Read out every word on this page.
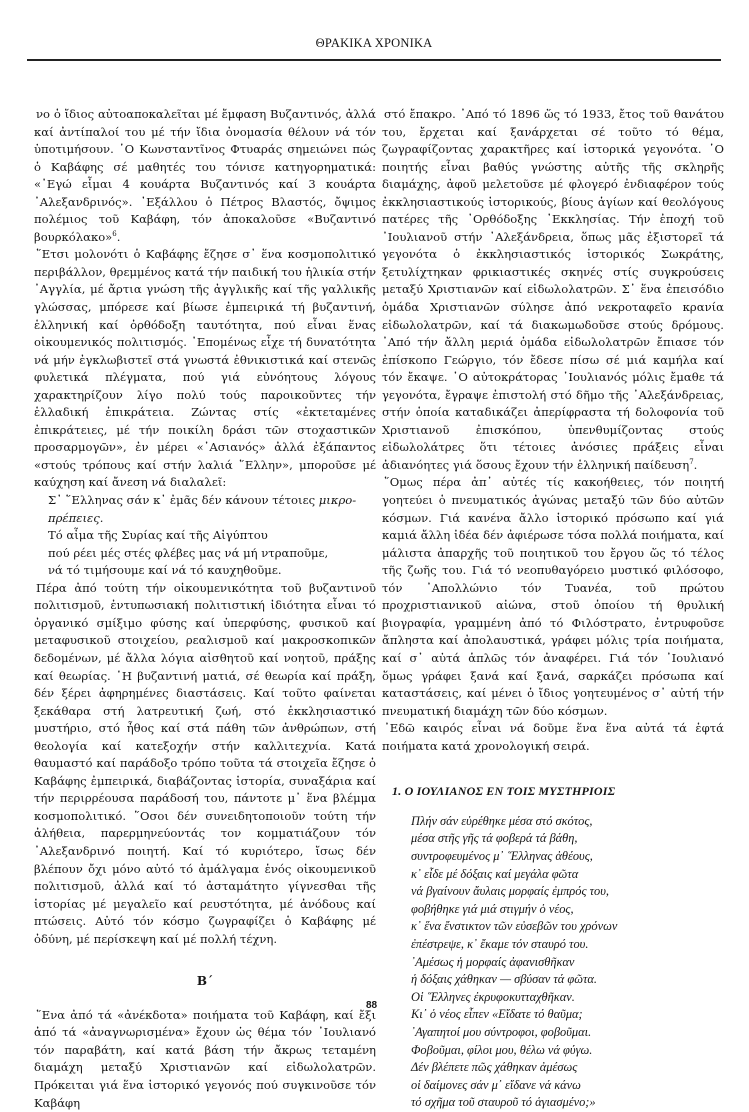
ΘΡΑΚΙΚΑ ΧΡΟΝΙΚΑ

νο ὁ ἴδιος αὐτοαποκαλεῖται μέ ἔμφαση Βυζαντινός, ἀλλά καί ἀντίπαλοί του μέ τήν ἴδια ὀνομασία θέλουν νά τόν ὑποτιμήσουν. ῾Ο Κωνσταντῖνος Φτυαράς σημειώνει πώς ὁ Καβάφης σέ μαθητές του τόνισε κατηγορηματικά: «᾿Εγώ εἶμαι 4 κουάρτα Βυζαντινός καί 3 κουάρτα ᾿Αλεξανδρινός». ᾿Εξάλλου ὁ Πέτρος Βλαστός, ὄψιμος πολέμιος τοῦ Καβάφη, τόν ἀποκαλοῦσε «Βυζαντινό βουρκόλακο»$^6$.

῞Ετσι μολονότι ὁ Καβάφης ἔζησε σ᾿ ἕνα κοσμοπολιτικό περιβάλλον, θρεμμένος κατά τήν παιδική του ἡλικία στήν ᾿Αγγλία, μέ ἄρτια γνώση τῆς ἀγγλικῆς καί τῆς γαλλικῆς γλώσσας, μπόρεσε καί βίωσε ἐμπειρικά τή βυζαντινή, ἑλληνική καί ὀρθόδοξη ταυτότητα, πού εἶναι ἕνας οἰκουμενικός πολιτισμός. ᾿Επομένως εἶχε τή δυνατότητα νά μήν ἐγκλωβιστεῖ στά γνωστά ἐθνικιστικά καί στενῶς φυλετικά πλέγματα, πού γιά εὐνόητους λόγους χαρακτηρίζουν λίγο πολύ τούς παροικοῦντες τήν ἑλλαδική ἐπικράτεια. Ζώντας στίς «ἐκτεταμένες ἐπικράτειες, μέ τήν ποικίλη δράσι τῶν στοχαστικῶν προσαρμογῶν», ἐν μέρει «᾿Ασιανός» ἀλλά ἐξάπαντος «στούς τρόπους καί στήν λαλιά ῞Ελλην», μποροῦσε μέ καύχηση καί ἄνεση νά διαλαλεῖ:

Σ᾿ ῞Ελληνας σάν κ᾿ ἐμᾶς δέν κάνουν τέτοιες μικρο-
πρέπειες.
Τό αἷμα τῆς Συρίας καί τῆς Αἰγύπτου
πού ρέει μές στές φλέβες μας νά μή ντραποῦμε,
νά τό τιμήσουμε καί νά τό καυχηθοῦμε.

Πέρα ἀπό τούτη τήν οἰκουμενικότητα τοῦ βυζαντινοῦ πολιτισμοῦ, ἐντυπωσιακή πολιτιστική ἰδιότητα εἶναι τό ὀργανικό σμίξιμο φύσης καί ὑπερφύσης, φυσικοῦ καί μεταφυσικοῦ στοιχείου, ρεαλισμοῦ καί μακροσκοπικῶν δεδομένων, μέ ἄλλα λόγια αἰσθητοῦ καί νοητοῦ, πράξης καί θεωρίας. ῾Η βυζαντινή ματιά, σέ θεωρία καί πράξη, δέν ξέρει ἀφηρημένες διαστάσεις. Καί τοῦτο φαίνεται ξεκάθαρα στή λατρευτική ζωή, στό ἐκκλησιαστικό μυστήριο, στό ἦθος καί στά πάθη τῶν ἀνθρώπων, στή θεολογία καί κατεξοχήν στήν καλλιτεχνία. Κατά θαυμαστό καί παράδοξο τρόπο τοῦτα τά στοιχεῖα ἔζησε ὁ Καβάφης ἐμπειρικά, διαβάζοντας ἱστορία, συναξάρια καί τήν περιρρέουσα παράδοσή του, πάντοτε μ᾿ ἕνα βλέμμα κοσμοπολιτικό. ῞Οσοι δέν συνειδητοποιοῦν τούτη τήν ἀλήθεια, παρερμηνεύοντάς τον κομματιάζουν τόν ᾿Αλεξανδρινό ποιητή. Καί τό κυριότερο, ἴσως δέν βλέπουν ὄχι μόνο αὐτό τό ἀμάλγαμα ἑνός οἰκουμενικοῦ πολιτισμοῦ, ἀλλά καί τό ἀσταμάτητο γίγνεσθαι τῆς ἱστορίας μέ μεγαλεῖο καί ρευστότητα, μέ ἀνόδους καί πτώσεις. Αὐτό τόν κόσμο ζωγραφίζει ὁ Καβάφης μέ ὀδύνη, μέ περίσκεψη καί μέ πολλή τέχνη.

Β΄

῞Ενα ἀπό τά «ἀνέκδοτα» ποιήματα τοῦ Καβάφη, καί ἔξι ἀπό τά «ἀναγνωρισμένα» ἔχουν ὡς θέμα τόν ᾿Ιουλιανό τόν παραβάτη, καί κατά βάση τήν ἄκρως τεταμένη διαμάχη μεταξύ Χριστιανῶν καί εἰδωλολατρῶν. Πρόκειται γιά ἕνα ἱστορικό γεγονός πού συγκινοῦσε τόν Καβάφη

στό ἔπακρο. ᾿Από τό 1896 ὥς τό 1933, ἔτος τοῦ θανάτου του, ἔρχεται καί ξανάρχεται σέ τοῦτο τό θέμα, ζωγραφίζοντας χαρακτῆρες καί ἱστορικά γεγονότα. ῾Ο ποιητής εἶναι βαθύς γνώστης αὐτῆς τῆς σκληρῆς διαμάχης, ἀφοῦ μελετοῦσε μέ φλογερό ἐνδιαφέρον τούς ἐκκλησιαστικούς ἱστορικούς, βίους ἁγίων καί θεολόγους πατέρες τῆς ᾿Ορθόδοξης ᾿Εκκλησίας. Τήν ἐποχή τοῦ ᾿Ιουλιανοῦ στήν ᾿Αλεξάνδρεια, ὅπως μᾶς ἐξιστορεῖ τά γεγονότα ὁ ἐκκλησιαστικός ἱστορικός Σωκράτης, ξετυλίχτηκαν φρικιαστικές σκηνές στίς συγκρούσεις μεταξύ Χριστιανῶν καί εἰδωλολατρῶν. Σ᾿ ἕνα ἐπεισόδιο ὁμάδα Χριστιανῶν σύλησε ἀπό νεκροταφεῖο κρανία εἰδωλολατρῶν, καί τά διακωμωδοῦσε στούς δρόμους. ᾿Από τήν ἄλλη μεριά ὁμάδα εἰδωλολατρῶν ἔπιασε τόν ἐπίσκοπο Γεώργιο, τόν ἔδεσε πίσω σέ μιά καμήλα καί τόν ἔκαψε. ῾Ο αὐτοκράτορας ᾿Ιουλιανός μόλις ἔμαθε τά γεγονότα, ἔγραψε ἐπιστολή στό δῆμο τῆς ᾿Αλεξάνδρειας, στήν ὁποία καταδικάζει ἀπερίφραστα τή δολοφονία τοῦ Χριστιανοῦ ἐπισκόπου, ὑπενθυμίζοντας στούς εἰδωλολάτρες ὅτι τέτοιες ἀνόσιες πράξεις εἶναι ἀδιανόητες γιά ὅσους ἔχουν τήν ἑλληνική παίδευση$^7$.

῞Ομως πέρα ἀπ᾿ αὐτές τίς κακοήθειες, τόν ποιητή γοητεύει ὁ πνευματικός ἀγώνας μεταξύ τῶν δύο αὐτῶν κόσμων. Γιά κανένα ἄλλο ἱστορικό πρόσωπο καί γιά καμιά ἄλλη ἰδέα δέν ἀφιέρωσε τόσα πολλά ποιήματα, καί μάλιστα ἀπαρχῆς τοῦ ποιητικοῦ του ἔργου ὥς τό τέλος τῆς ζωῆς του. Γιά τό νεοπυθαγόρειο μυστικό φιλόσοφο, τόν ᾿Απολλώνιο τόν Τυανέα, τοῦ πρώτου προχριστιανικοῦ αἰώνα, στοῦ ὁποίου τή θρυλική βιογραφία, γραμμένη ἀπό τό Φιλόστρατο, ἐντρυφοῦσε ἄπληστα καί ἀπολαυστικά, γράφει μόλις τρία ποιήματα, καί σ᾿ αὐτά ἁπλῶς τόν ἀναφέρει. Γιά τόν ᾿Ιουλιανό ὅμως γράφει ξανά καί ξανά, σαρκάζει πρόσωπα καί καταστάσεις, καί μένει ὁ ἴδιος γοητευμένος σ᾿ αὐτή τήν πνευματική διαμάχη τῶν δύο κόσμων.

᾿Εδῶ καιρός εἶναι νά δοῦμε ἕνα ἕνα αὐτά τά ἑφτά ποιήματα κατά χρονολογική σειρά.

1. Ο ΙΟΥΛΙΑΝΟΣ ΕΝ ΤΟΙΣ ΜΥΣΤΗΡΙΟΙΣ
Πλήν σάν εὑρέθηκε μέσα στό σκότος,
μέσα στῆς γῆς τά φοβερά τά βάθη,
συντροφευμένος μ᾿ ῞Ελληνας ἀθέους,
κ᾿ εἶδε μέ δόξαις καί μεγάλα φῶτα
νά βγαίνουν ἄυλαις μορφαίς ἐμπρός του,
φοβήθηκε γιά μιά στιγμήν ὁ νέος,
κ᾿ ἕνα ἔνστικτον τῶν εὐσεβῶν του χρόνων
ἐπέστρεψε, κ᾿ ἔκαμε τόν σταυρό του.
᾿Αμέσως ἡ μορφαίς ἀφανισθῆκαν
ἡ δόξαις χάθηκαν — σβύσαν τά φῶτα.
Οἱ ῞Ελληνες ἐκρυφοκυτταχθῆκαν.
Κι᾿ ὁ νέος εἶπεν «Εἴδατε τό θαῦμα;
᾿Αγαπητοί μου σύντροφοι, φοβοῦμαι.
Φοβοῦμαι, φίλοι μου, θέλω νά φύγω.
Δέν βλέπετε πῶς χάθηκαν ἀμέσως
οἱ δαίμονες σάν μ᾿ εἴδανε νά κάνω
τό σχῆμα τοῦ σταυροῦ τό ἁγιασμένο;»
88
